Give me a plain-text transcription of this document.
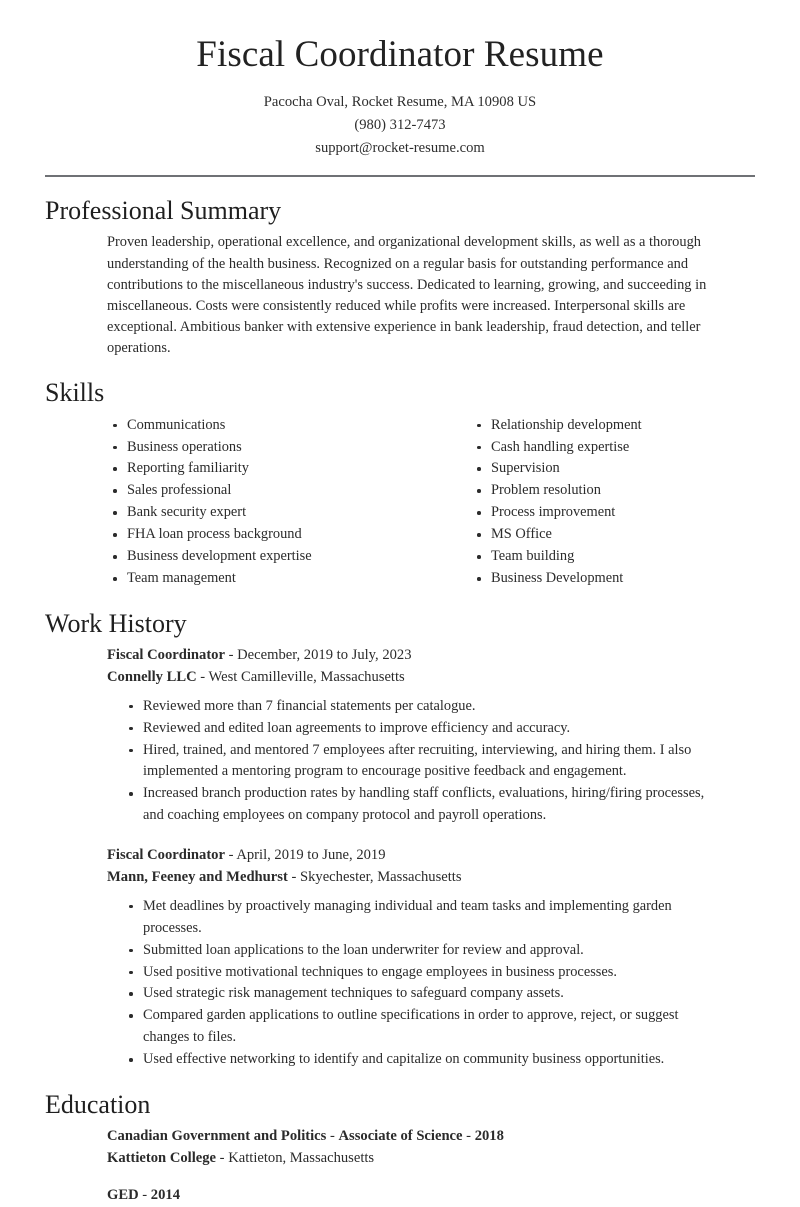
Fiscal Coordinator Resume

Pacocha Oval, Rocket Resume, MA 10908 US

(980) 312-7473

support@rocket-resume.com

Professional Summary

Proven leadership, operational excellence, and organizational development skills, as well as a thorough understanding of the health business. Recognized on a regular basis for outstanding performance and contributions to the miscellaneous industry's success. Dedicated to learning, growing, and succeeding in miscellaneous. Costs were consistently reduced while profits were increased. Interpersonal skills are exceptional. Ambitious banker with extensive experience in bank leadership, fraud detection, and teller operations.

Skills
Communications
Business operations
Reporting familiarity
Sales professional
Bank security expert
FHA loan process background
Business development expertise
Team management
Relationship development
Cash handling expertise
Supervision
Problem resolution
Process improvement
MS Office
Team building
Business Development
Work History
Fiscal Coordinator - December, 2019 to July, 2023
Connelly LLC - West Camilleville, Massachusetts
Reviewed more than 7 financial statements per catalogue.
Reviewed and edited loan agreements to improve efficiency and accuracy.
Hired, trained, and mentored 7 employees after recruiting, interviewing, and hiring them. I also implemented a mentoring program to encourage positive feedback and engagement.
Increased branch production rates by handling staff conflicts, evaluations, hiring/firing processes, and coaching employees on company protocol and payroll operations.
Fiscal Coordinator - April, 2019 to June, 2019
Mann, Feeney and Medhurst - Skyechester, Massachusetts
Met deadlines by proactively managing individual and team tasks and implementing garden processes.
Submitted loan applications to the loan underwriter for review and approval.
Used positive motivational techniques to engage employees in business processes.
Used strategic risk management techniques to safeguard company assets.
Compared garden applications to outline specifications in order to approve, reject, or suggest changes to files.
Used effective networking to identify and capitalize on community business opportunities.
Education
Canadian Government and Politics - Associate of Science - 2018
Kattieton College - Kattieton, Massachusetts
GED - 2014
